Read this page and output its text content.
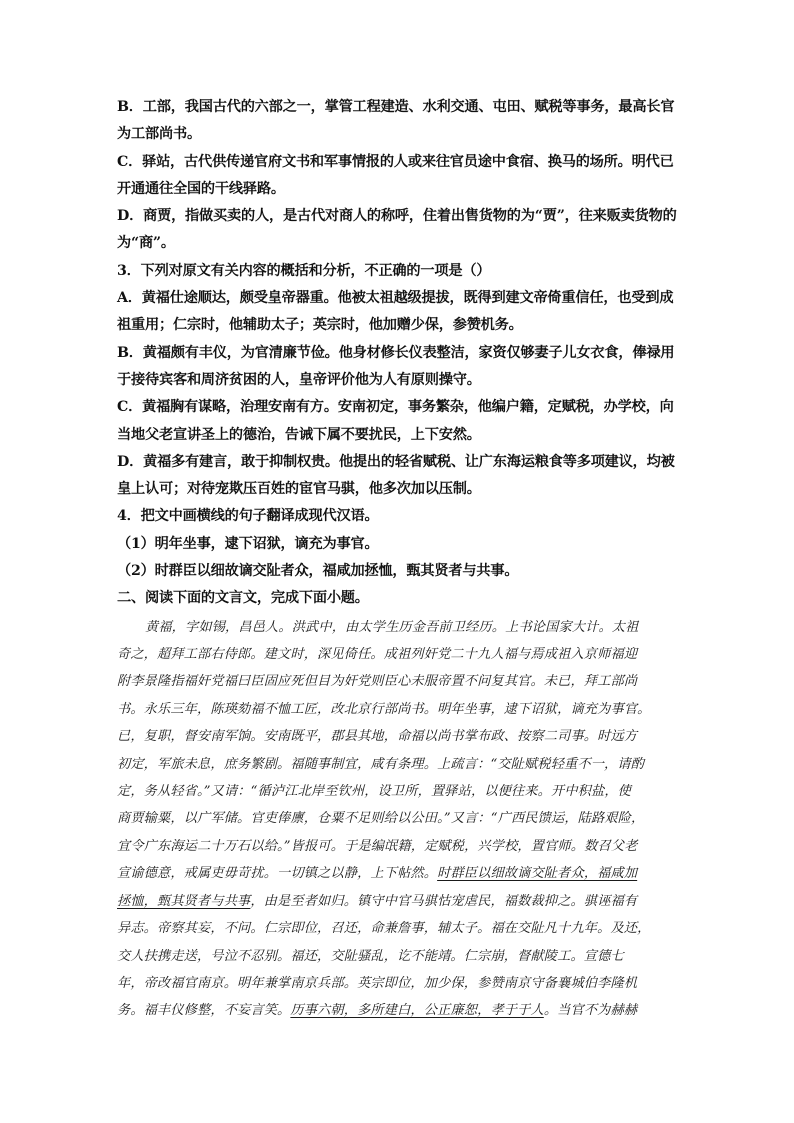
B．工部，我国古代的六部之一，掌管工程建造、水利交通、屯田、赋税等事务，最高长官
为工部尚书。
C．驿站，古代供传递官府文书和军事情报的人或来往官员途中食宿、换马的场所。明代已
开通通往全国的干线驿路。
D．商贾，指做买卖的人，是古代对商人的称呼，住着出售货物的为“贾”，往来贩卖货物的
为“商”。
3．下列对原文有关内容的概括和分析，不正确的一项是（）
A．黄福仕途顺达，颇受皇帝器重。他被太祖越级提拔，既得到建文帝倚重信任，也受到成
祖重用；仁宗时，他辅助太子；英宗时，他加赠少保，参赞机务。
B．黄福颇有丰仪，为官清廉节俭。他身材修长仪表整洁，家资仅够妻子儿女衣食，俸禄用
于接待宾客和周济贫困的人，皇帝评价他为人有原则操守。
C．黄福胸有谋略，治理安南有方。安南初定，事务繁杂，他编户籍，定赋税，办学校，向
当地父老宣讲圣上的德治，告诫下属不要扰民，上下安然。
D．黄福多有建言，敢于抑制权贵。他提出的轻省赋税、让广东海运粮食等多项建议，均被
皇上认可；对待宠欺压百姓的宦官马骐，他多次加以压制。
4．把文中画横线的句子翻译成现代汉语。
（1）明年坐事，逮下诏狱，谪充为事官。
（2）时群臣以细故谪交阯者众，福咸加拯恤，甄其贤者与共事。
二、阅读下面的文言文，完成下面小题。
黄福，字如锡，昌邑人。洪武中，由太学生历金吾前卫经历。上书论国家大计。太祖
奇之，超拜工部右侍郎。建文时，深见倚任。成祖列奸党二十九人福与焉成祖入京师福迎
附李景隆指福奸党福曰臣固应死但目为奸党则臣心未服帝置不问复其官。未已，拜工部尚
书。永乐三年，陈瑛劾福不恤工匠，改北京行部尚书。明年坐事，逮下诏狱，谪充为事官。
已，复职，督安南军饷。安南既平，郡县其地，命福以尚书掌布政、按察二司事。时远方
初定，军旅未息，庶务繁剧。福随事制宜，咸有条理。上疏言：“交阯赋税轻重不一，请酌
定，务从轻省。”又请：“循泸江北岸至钦州，设卫所，置驿站，以便往来。开中积盐，使
商贾输粟，以广军储。官吏俸廪，仓粟不足则给以公田。”又言：“广西民馈运，陆路艰险，
宜令广东海运二十万石以给。”皆报可。于是编氓籍，定赋税，兴学校，置官师。数召父老
宣谕德意，戒属吏毋苛扰。一切镇之以静，上下帖然。时群臣以细故谪交阯者众，福咸加
拯恤，甄其贤者与共事，由是至者如归。镇守中官马骐怙宠虐民，福数裁抑之。骐诬福有
异志。帝察其妄，不问。仁宗即位，召还，命兼詹事，辅太子。福在交阯凡十九年。及还，
交人扶携走送，号泣不忍别。福还，交阯骚乱，讫不能靖。仁宗崩，督献陵工。宣德七
年，帝改福官南京。明年兼掌南京兵部。英宗即位，加少保，参赞南京守备襄城伯李隆机
务。福丰仪修整，不妄言笑。历事六朝，多所建白，公正廉恕，孝于于人。当官不为赫赫
